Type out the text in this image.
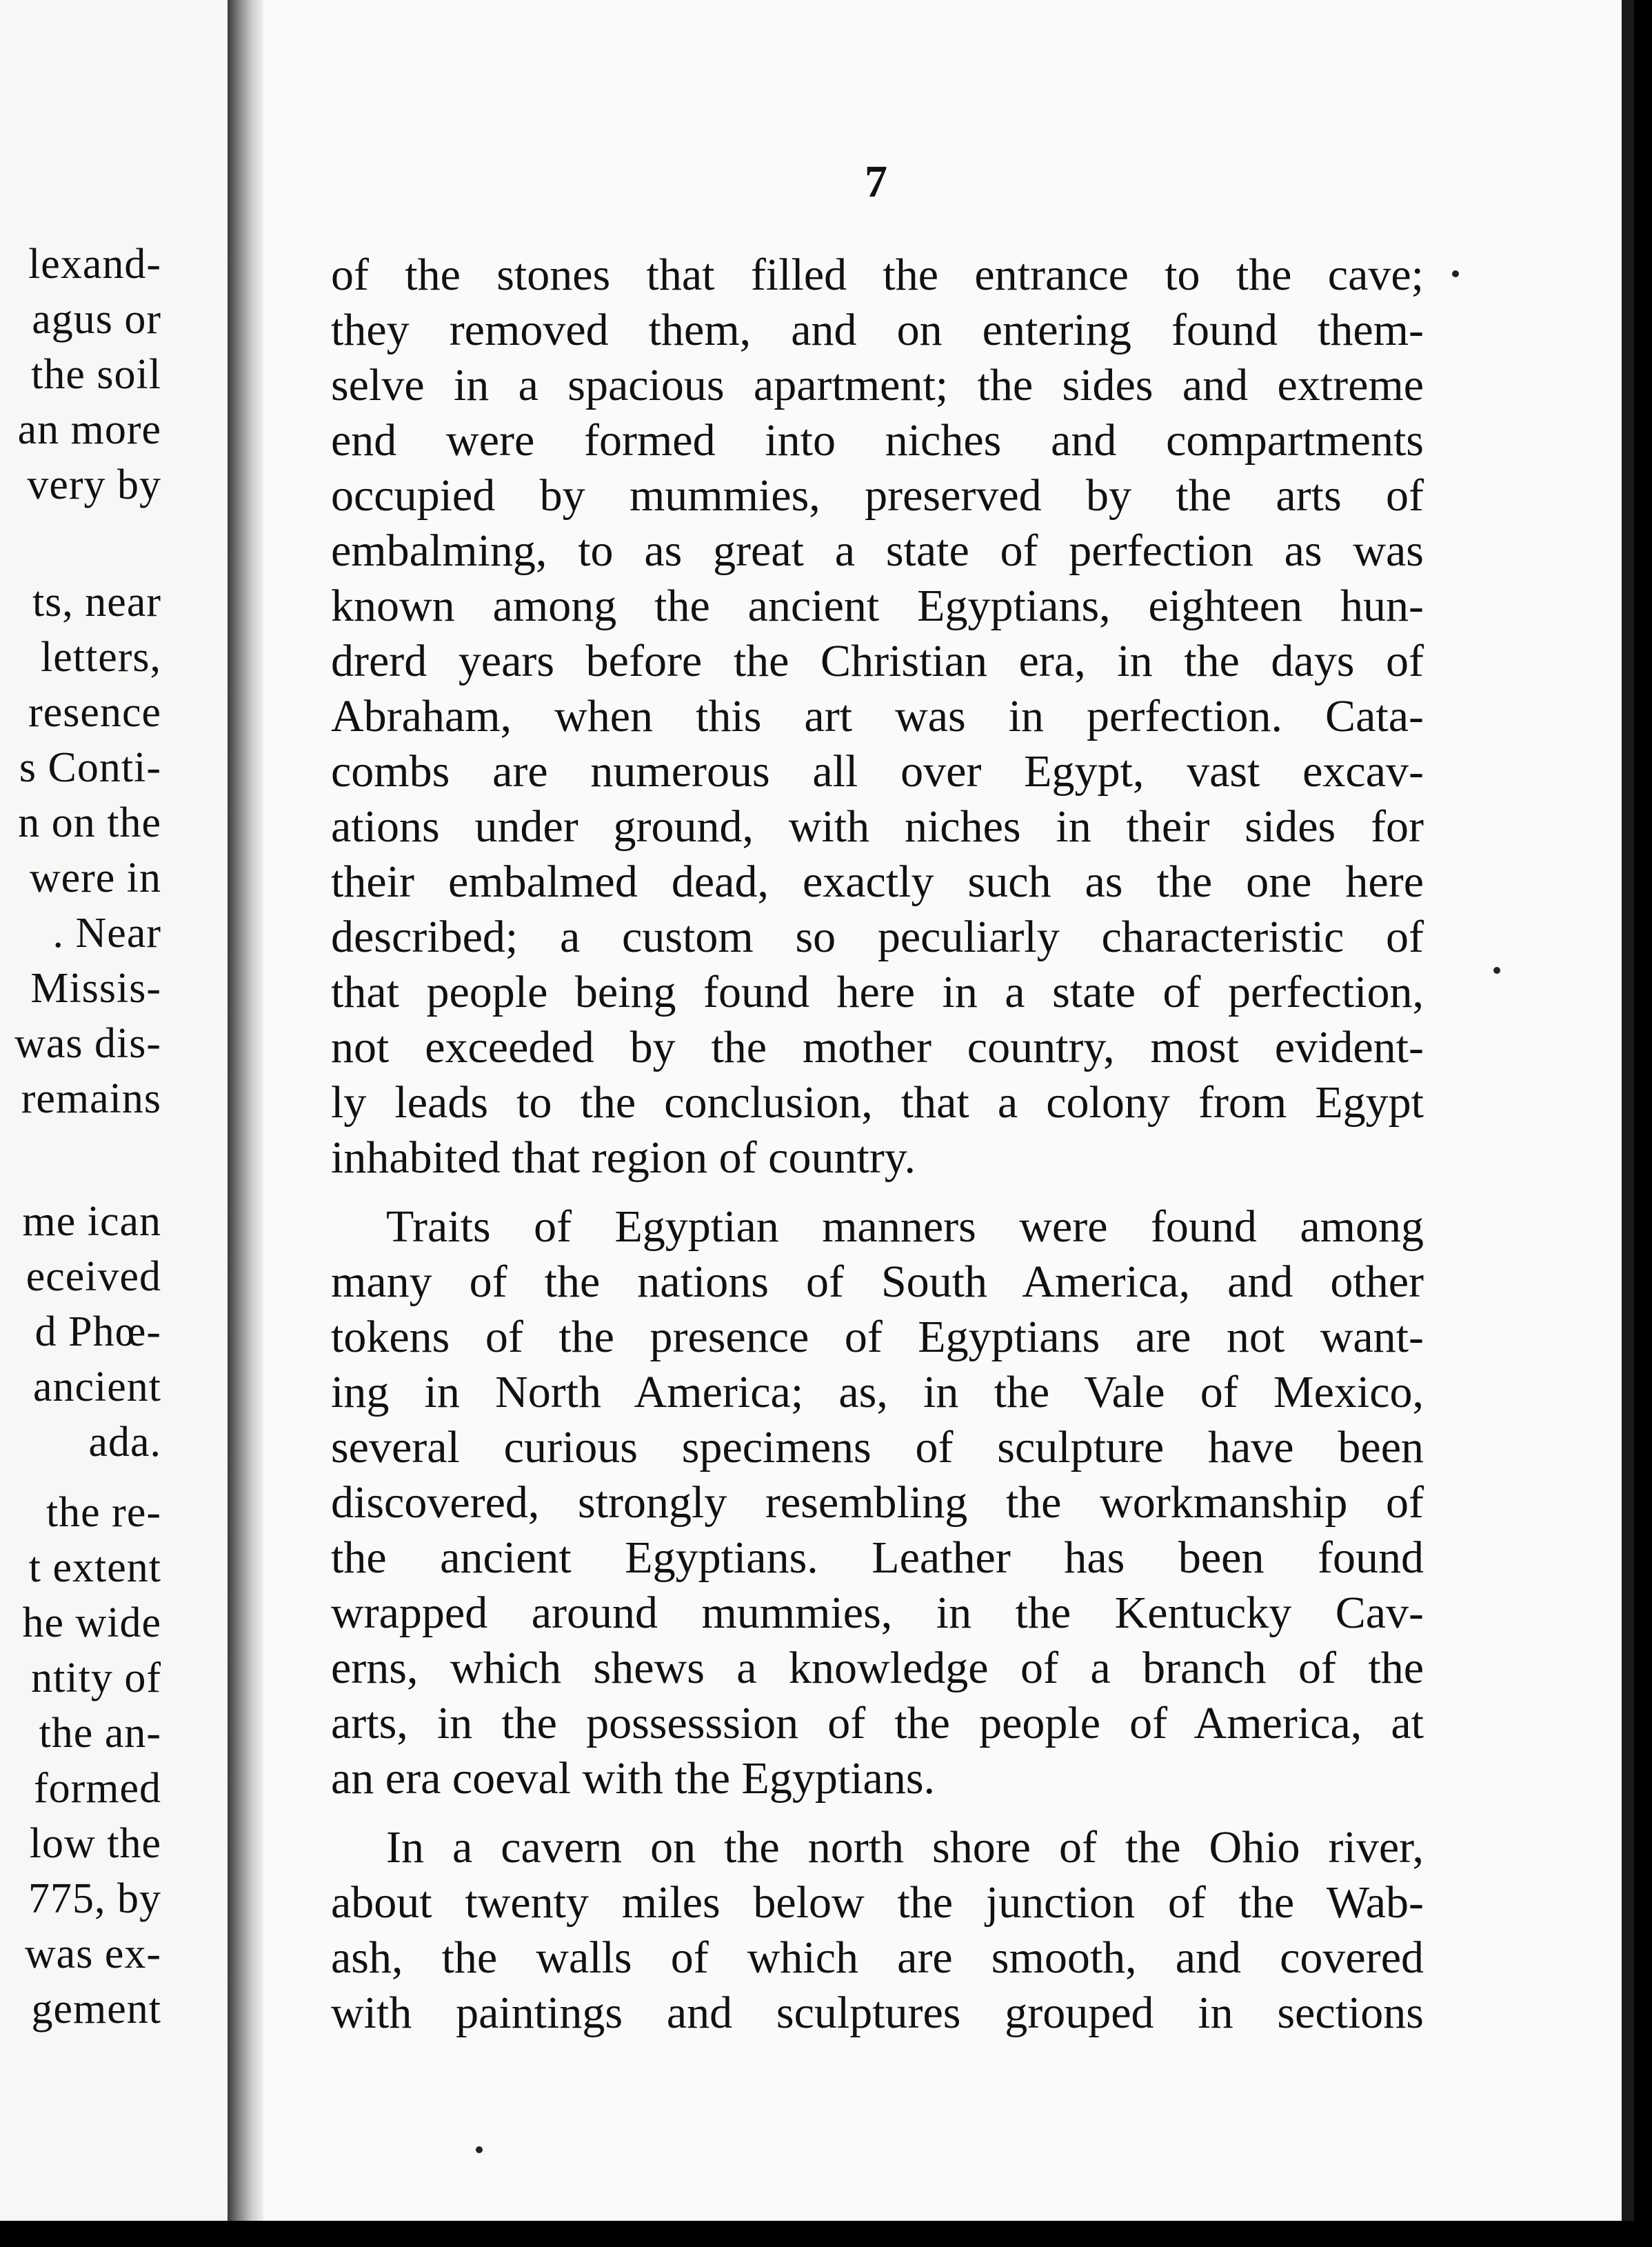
lexand-
agus or
the soil
an more
very by
ts, near
letters,
resence
s Conti-
n on the
were in
. Near
Missis-
was dis-
remains
me ican
eceived
d Phœ-
ancient
ada.
the re-
t extent
he wide
ntity of
the an-
formed
low the
775, by
was ex-
gement
7
of the stones that filled the entrance to the cave;
they removed them, and on entering found them-
selve in a spacious apartment; the sides and extreme
end were formed into niches and compartments
occupied by mummies, preserved by the arts of
embalming, to as great a state of perfection as was
known among the ancient Egyptians, eighteen hun-
drerd years before the Christian era, in the days of
Abraham, when this art was in perfection. Cata-
combs are numerous all over Egypt, vast excav-
ations under ground, with niches in their sides for
their embalmed dead, exactly such as the one here
described; a custom so peculiarly characteristic of
that people being found here in a state of perfection,
not exceeded by the mother country, most evident-
ly leads to the conclusion, that a colony from Egypt
inhabited that region of country.
Traits of Egyptian manners were found among
many of the nations of South America, and other
tokens of the presence of Egyptians are not want-
ing in North America; as, in the Vale of Mexico,
several curious specimens of sculpture have been
discovered, strongly resembling the workmanship of
the ancient Egyptians. Leather has been found
wrapped around mummies, in the Kentucky Cav-
erns, which shews a knowledge of a branch of the
arts, in the possesssion of the people of America, at
an era coeval with the Egyptians.
In a cavern on the north shore of the Ohio river,
about twenty miles below the junction of the Wab-
ash, the walls of which are smooth, and covered
with paintings and sculptures grouped in sections
